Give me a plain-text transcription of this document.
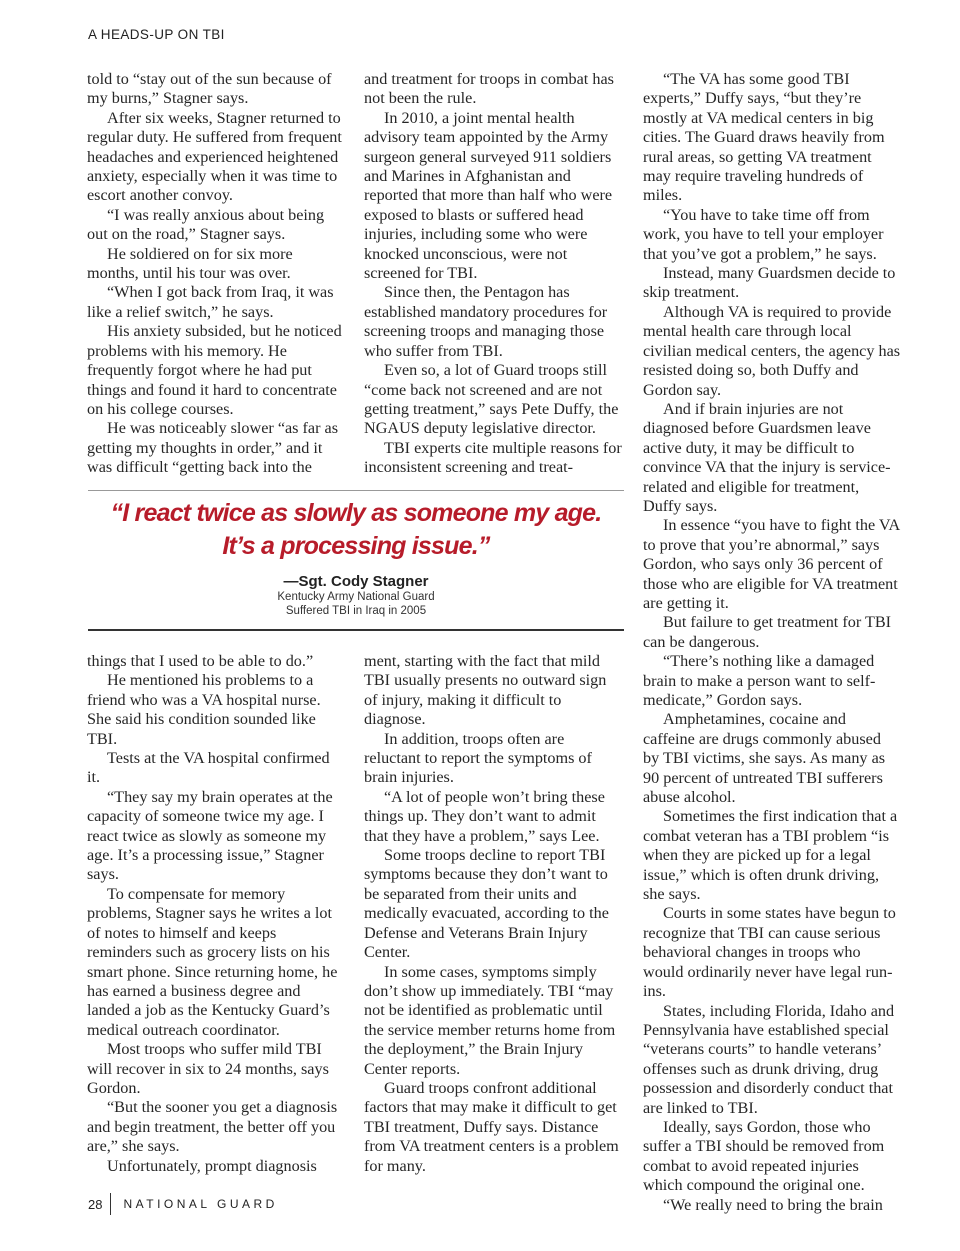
A HEADS-UP ON TBI

told to “stay out of the sun because of my burns,” Stagner says.

After six weeks, Stagner returned to regular duty. He suffered from frequent headaches and experienced heightened anxiety, especially when it was time to escort another convoy.

“I was really anxious about being out on the road,” Stagner says.

He soldiered on for six more months, until his tour was over.

“When I got back from Iraq, it was like a relief switch,” he says.

His anxiety subsided, but he noticed problems with his memory. He frequently forgot where he had put things and found it hard to concentrate on his college courses.

He was noticeably slower “as far as getting my thoughts in order,” and it was difficult “getting back into the

and treatment for troops in combat has not been the rule.

In 2010, a joint mental health advisory team appointed by the Army surgeon general surveyed 911 soldiers and Marines in Afghanistan and reported that more than half who were exposed to blasts or suffered head injuries, including some who were knocked unconscious, were not screened for TBI.

Since then, the Pentagon has established mandatory procedures for screening troops and managing those who suffer from TBI.

Even so, a lot of Guard troops still “come back not screened and are not getting treatment,” says Pete Duffy, the NGAUS deputy legislative director.

TBI experts cite multiple reasons for inconsistent screening and treat-

“I react twice as slowly as someone my age.
It’s a processing issue.”
—Sgt. Cody Stagner
Kentucky Army National Guard
Suffered TBI in Iraq in 2005

things that I used to be able to do.”

He mentioned his problems to a friend who was a VA hospital nurse. She said his condition sounded like TBI.

Tests at the VA hospital confirmed it.

“They say my brain operates at the capacity of someone twice my age. I react twice as slowly as someone my age. It’s a processing issue,” Stagner says.

To compensate for memory problems, Stagner says he writes a lot of notes to himself and keeps reminders such as grocery lists on his smart phone. Since returning home, he has earned a business degree and landed a job as the Kentucky Guard’s medical outreach coordinator.

Most troops who suffer mild TBI will recover in six to 24 months, says Gordon.

“But the sooner you get a diagnosis and begin treatment, the better off you are,” she says.

Unfortunately, prompt diagnosis

ment, starting with the fact that mild TBI usually presents no outward sign of injury, making it difficult to diagnose.

In addition, troops often are reluctant to report the symptoms of brain injuries.

“A lot of people won’t bring these things up. They don’t want to admit that they have a problem,” says Lee.

Some troops decline to report TBI symptoms because they don’t want to be separated from their units and medically evacuated, according to the Defense and Veterans Brain Injury Center.

In some cases, symptoms simply don’t show up immediately. TBI “may not be identified as problematic until the service member returns home from the deployment,” the Brain Injury Center reports.

Guard troops confront additional factors that may make it difficult to get TBI treatment, Duffy says. Distance from VA treatment centers is a problem for many.

“The VA has some good TBI experts,” Duffy says, “but they’re mostly at VA medical centers in big cities. The Guard draws heavily from rural areas, so getting VA treatment may require traveling hundreds of miles.

“You have to take time off from work, you have to tell your employer that you’ve got a problem,” he says.

Instead, many Guardsmen decide to skip treatment.

Although VA is required to provide mental health care through local civilian medical centers, the agency has resisted doing so, both Duffy and Gordon say.

And if brain injuries are not diagnosed before Guardsmen leave active duty, it may be difficult to convince VA that the injury is service-related and eligible for treatment, Duffy says.

In essence “you have to fight the VA to prove that you’re abnormal,” says Gordon, who says only 36 percent of those who are eligible for VA treatment are getting it.

But failure to get treatment for TBI can be dangerous.

“There’s nothing like a damaged brain to make a person want to self-medicate,” Gordon says.

Amphetamines, cocaine and caffeine are drugs commonly abused by TBI victims, she says. As many as 90 percent of untreated TBI sufferers abuse alcohol.

Sometimes the first indication that a combat veteran has a TBI problem “is when they are picked up for a legal issue,” which is often drunk driving, she says.

Courts in some states have begun to recognize that TBI can cause serious behavioral changes in troops who would ordinarily never have legal run-ins.

States, including Florida, Idaho and Pennsylvania have established special “veterans courts” to handle veterans’ offenses such as drunk driving, drug possession and disorderly conduct that are linked to TBI.

Ideally, says Gordon, those who suffer a TBI should be removed from combat to avoid repeated injuries which compound the original one.

“We really need to bring the brain

28 NATIONAL GUARD
